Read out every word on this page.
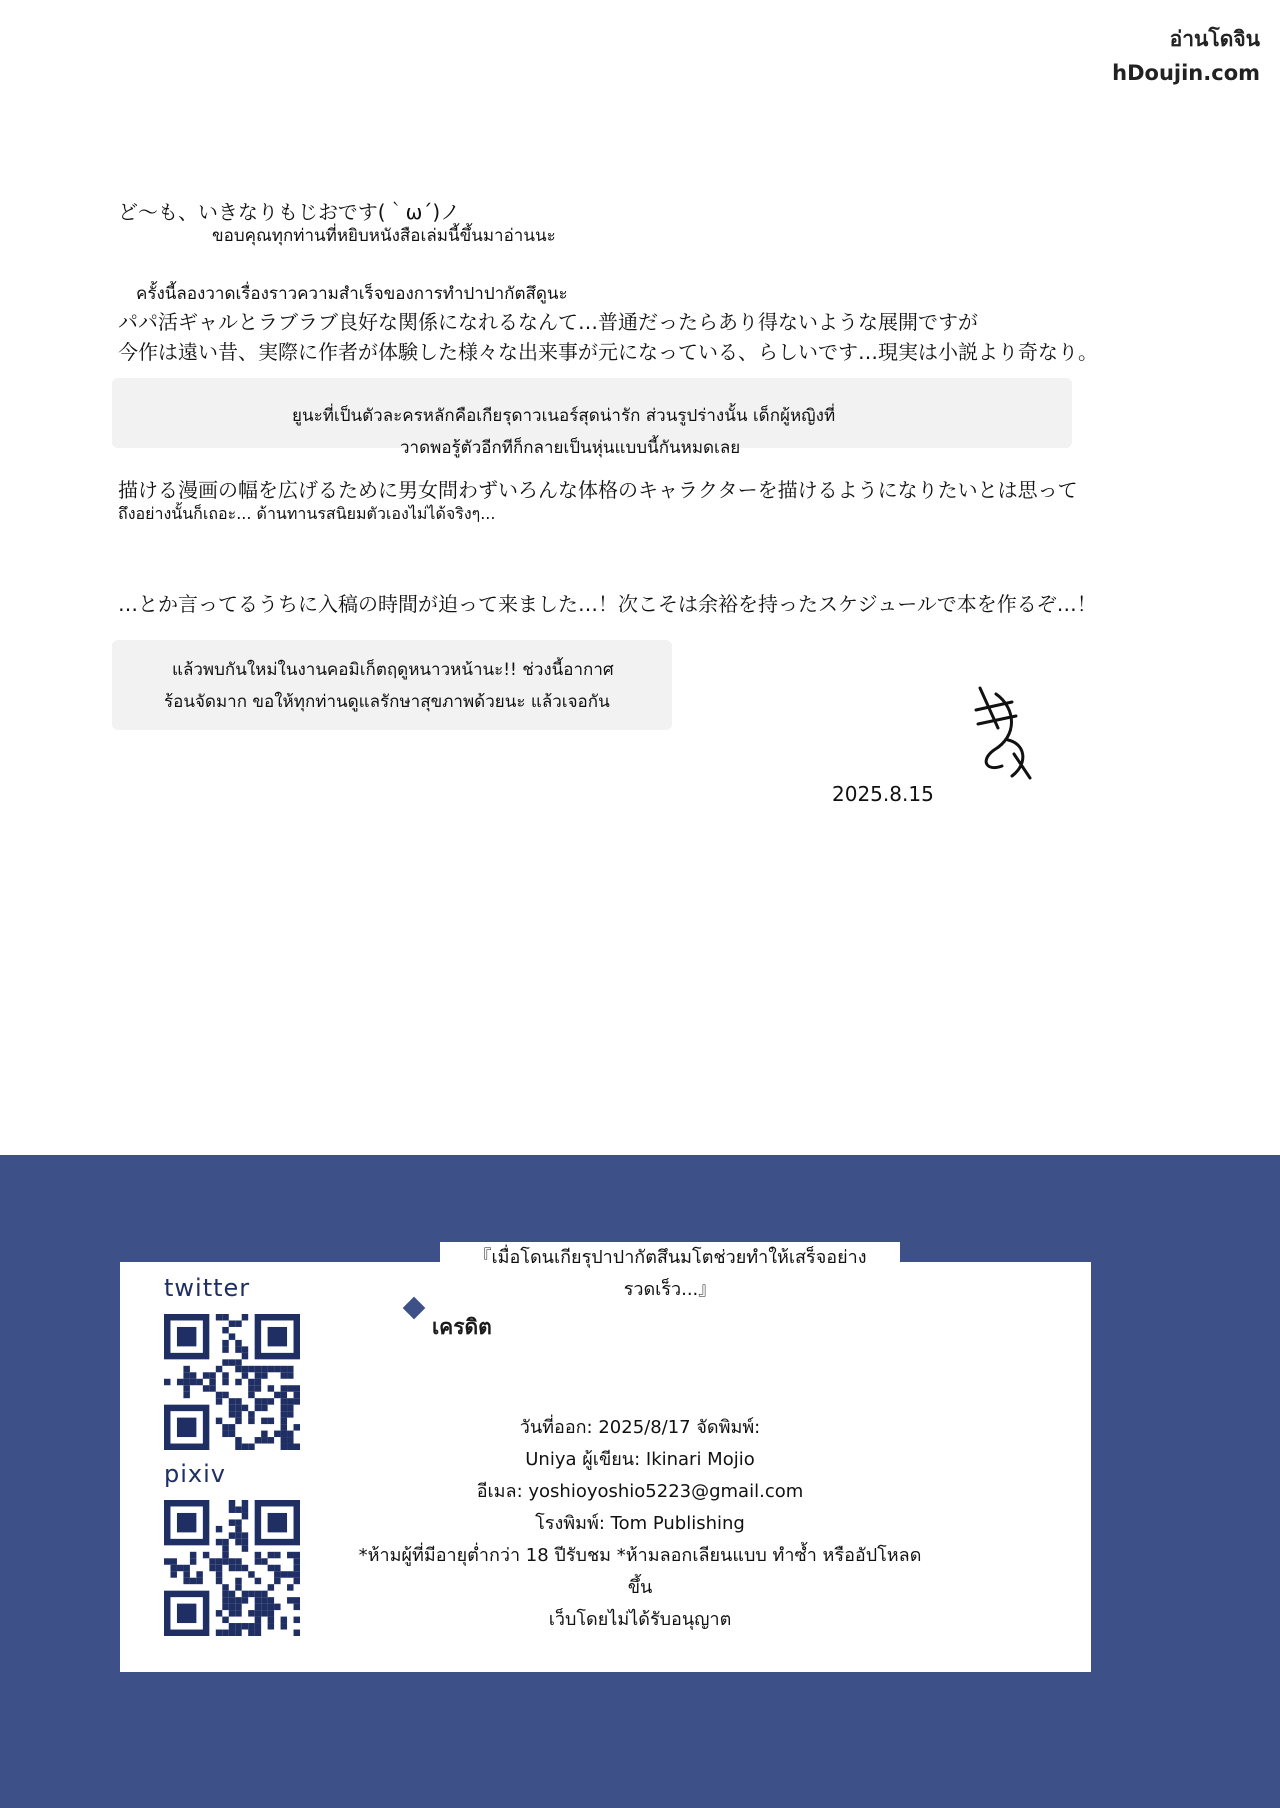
อ่านโดจิน
hDoujin.com
ど～も、いきなりもじおです(｀ω´)ノ
ขอบคุณทุกท่านที่หยิบหนังสือเล่มนี้ขึ้นมาอ่านนะ
ครั้งนี้ลองวาดเรื่องราวความสำเร็จของการทำปาปากัตสึดูนะ
パパ活ギャルとラブラブ良好な関係になれるなんて…普通だったらあり得ないような展開ですが
今作は遠い昔、実際に作者が体験した様々な出来事が元になっている、らしいです…現実は小説より奇なり。
ยูนะที่เป็นตัวละครหลักคือเกียรุดาวเนอร์สุดน่ารัก ส่วนรูปร่างนั้น เด็กผู้หญิงที่
วาดพอรู้ตัวอีกทีก็กลายเป็นหุ่นแบบนี้กันหมดเลย
描ける漫画の幅を広げるために男女問わずいろんな体格のキャラクターを描けるようになりたいとは思って
ถึงอย่างนั้นก็เถอะ... ด้านทานรสนิยมตัวเองไม่ได้จริงๆ...
…とか言ってるうちに入稿の時間が迫って来ました…！次こそは余裕を持ったスケジュールで本を作るぞ…！
แล้วพบกันใหม่ในงานคอมิเก็ตฤดูหนาวหน้านะ!! ช่วงนี้อากาศ
ร้อนจัดมาก ขอให้ทุกท่านดูแลรักษาสุขภาพด้วยนะ แล้วเจอกัน
2025.8.15
twitter
pixiv
เครดิต
『เมื่อโดนเกียรุปาปากัตสึนมโตช่วยทำให้เสร็จอย่าง
รวดเร็ว...』
วันที่ออก: 2025/8/17 จัดพิมพ์:
Uniya ผู้เขียน: Ikinari Mojio
อีเมล: yoshioyoshio5223@gmail.com
โรงพิมพ์: Tom Publishing
*ห้ามผู้ที่มีอายุต่ำกว่า 18 ปีรับชม *ห้ามลอกเลียนแบบ ทำซ้ำ หรืออัปโหลดขึ้น
เว็บโดยไม่ได้รับอนุญาต
